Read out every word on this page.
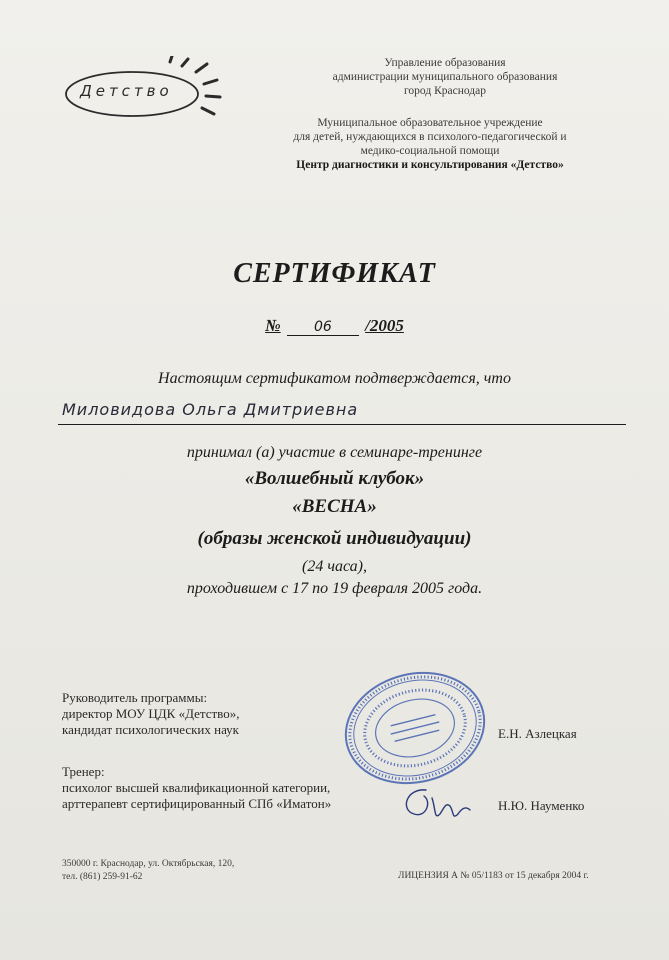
Детство
Управление образования
администрации муниципального образования
город Краснодар
Муниципальное образовательное учреждение
для детей, нуждающихся в психолого-педагогической и
медико-социальной помощи
Центр диагностики и консультирования «Детство»
СЕРТИФИКАТ
№ 06 /2005
Настоящим сертификатом подтверждается, что
Миловидова Ольга Дмитриевна
принимал (а) участие в семинаре-тренинге
«Волшебный клубок»
«ВЕСНА»
(образы женской индивидуации)
(24 часа),
проходившем с 17 по 19 февраля 2005 года.
Руководитель программы:
директор МОУ ЦДК «Детство»,
кандидат психологических наук	Е.Н. Азлецкая
Тренер:
психолог высшей квалификационной категории,
арттерапевт сертифицированный СПб «Иматон»	Н.Ю. Науменко
350000 г. Краснодар, ул. Октябрьская, 120,
тел. (861) 259-91-62	ЛИЦЕНЗИЯ А № 05/1183 от 15 декабря 2004 г.
